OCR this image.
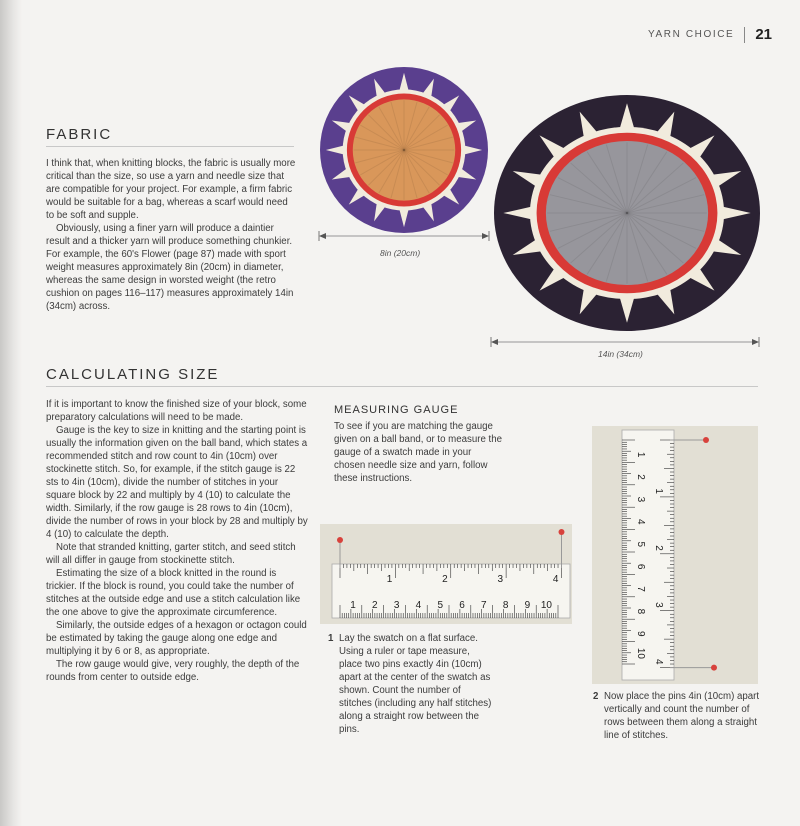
YARN CHOICE 21
FABRIC

I think that, when knitting blocks, the fabric is usually more critical than the size, so use a yarn and needle size that are compatible for your project. For example, a firm fabric would be suitable for a bag, whereas a scarf would need to be soft and supple.

Obviously, using a finer yarn will produce a daintier result and a thicker yarn will produce something chunkier. For example, the 60's Flower (page 87) made with sport weight measures approximately 8in (20cm) in diameter, whereas the same design in worsted weight (the retro cushion on pages 116–117) measures approximately 14in (34cm) across.

8in (20cm)
14in (34cm)
CALCULATING SIZE

If it is important to know the finished size of your block, some preparatory calculations will need to be made.

Gauge is the key to size in knitting and the starting point is usually the information given on the ball band, which states a recommended stitch and row count to 4in (10cm) over stockinette stitch. So, for example, if the stitch gauge is 22 sts to 4in (10cm), divide the number of stitches in your square block by 22 and multiply by 4 (10) to calculate the width. Similarly, if the row gauge is 28 rows to 4in (10cm), divide the number of rows in your block by 28 and multiply by 4 (10) to calculate the depth.

Note that stranded knitting, garter stitch, and seed stitch will all differ in gauge from stockinette stitch.

Estimating the size of a block knitted in the round is trickier. If the block is round, you could take the number of stitches at the outside edge and use a stitch calculation like the one above to give the approximate circumference.

Similarly, the outside edges of a hexagon or octagon could be estimated by taking the gauge along one edge and multiplying it by 6 or 8, as appropriate.

The row gauge would give, very roughly, the depth of the rounds from center to outside edge.

MEASURING GAUGE
To see if you are matching the gauge given on a ball band, or to measure the gauge of a swatch made in your chosen needle size and yarn, follow these instructions.
1 2 3 4 5 6 7 8 9 10
1	2	3	4
1 Lay the swatch on a flat surface. Using a ruler or tape measure, place two pins exactly 4in (10cm) apart at the center of the swatch as shown. Count the number of stitches (including any half stitches) along a straight row between the pins.
1
2
3
4
5
6
7
8
9
10
1
2
3
4
2 Now place the pins 4in (10cm) apart vertically and count the number of rows between them along a straight line of stitches.
